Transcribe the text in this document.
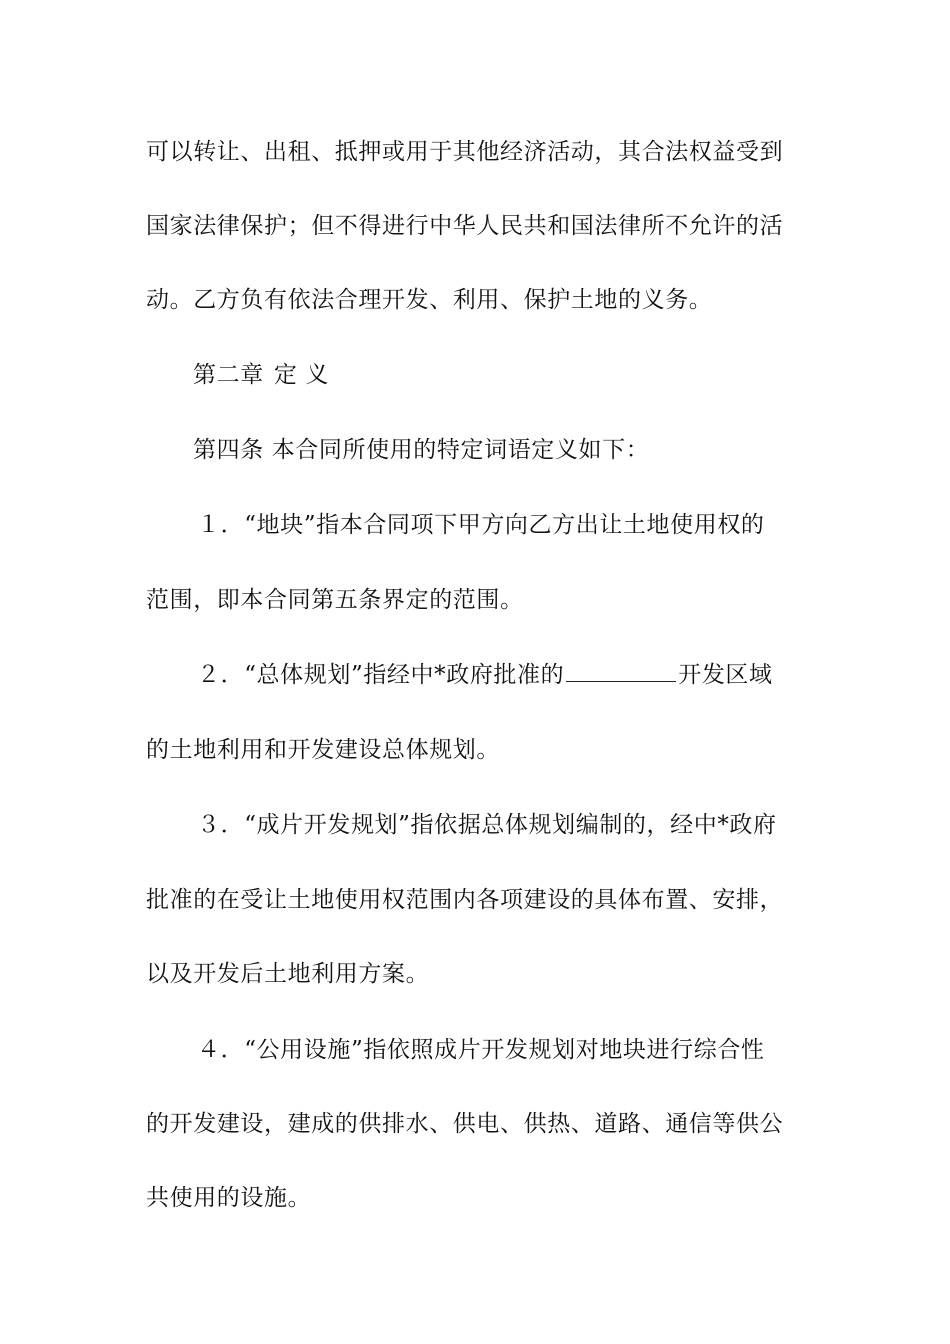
可以转让、出租、抵押或用于其他经济活动，其合法权益受到
国家法律保护；但不得进行中华人民共和国法律所不允许的活
动。乙方负有依法合理开发、利用、保护土地的义务。
第二章 定 义
第四条 本合同所使用的特定词语定义如下：
１．“地块”指本合同项下甲方向乙方出让土地使用权的
范围，即本合同第五条界定的范围。
２．“总体规划”指经中*政府批准的	开发区域
的土地利用和开发建设总体规划。
３．“成片开发规划”指依据总体规划编制的，经中*政府
批准的在受让土地使用权范围内各项建设的具体布置、安排，
以及开发后土地利用方案。
４．“公用设施”指依照成片开发规划对地块进行综合性
的开发建设，建成的供排水、供电、供热、道路、通信等供公
共使用的设施。
